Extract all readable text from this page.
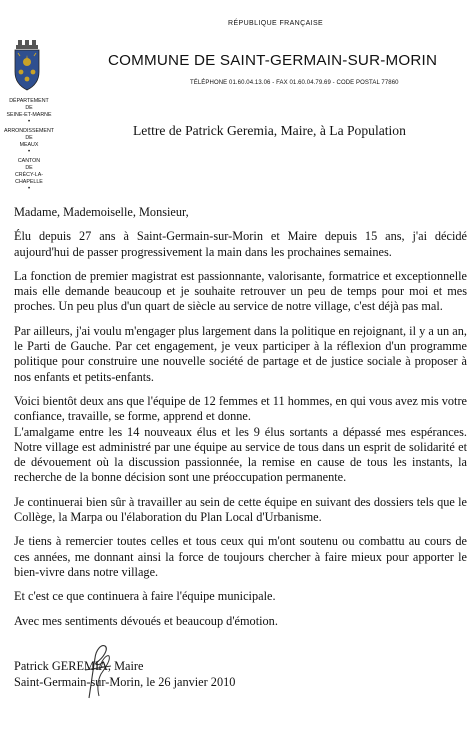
RÉPUBLIQUE FRANÇAISE
COMMUNE DE SAINT-GERMAIN-SUR-MORIN
TÉLÉPHONE 01.60.04.13.06 - FAX 01.60.04.79.69 - CODE POSTAL 77860
DÉPARTEMENT
DE
SEINE-ET-MARNE
•
ARRONDISSEMENT
DE
MEAUX
•
CANTON
DE
CRÉCY-LA-CHAPELLE
•
Lettre de Patrick Geremia, Maire, à La Population

Madame, Mademoiselle, Monsieur,

Élu depuis 27 ans à Saint-Germain-sur-Morin et Maire depuis 15 ans, j'ai décidé aujourd'hui de passer progressivement la main dans les prochaines semaines.

La fonction de premier magistrat est passionnante, valorisante, formatrice et exceptionnelle mais elle demande beaucoup et je souhaite retrouver un peu de temps pour moi et mes proches. Un peu plus d'un quart de siècle au service de notre village, c'est déjà pas mal.

Par ailleurs, j'ai voulu m'engager plus largement dans la politique en rejoignant, il y a un an, le Parti de Gauche. Par cet engagement, je veux participer à la réflexion d'un programme politique pour construire une nouvelle société de partage et de justice sociale à proposer à nos enfants et petits-enfants.

Voici bientôt deux ans que l'équipe de 12 femmes et 11 hommes, en qui vous avez mis votre confiance, travaille, se forme, apprend et donne.

L'amalgame entre les 14 nouveaux élus et les 9 élus sortants a dépassé mes espérances. Notre village est administré par une équipe au service de tous dans un esprit de solidarité et de dévouement où la discussion passionnée, la remise en cause de tous les instants, la recherche de la bonne décision sont une préoccupation permanente.

Je continuerai bien sûr à travailler au sein de cette équipe en suivant des dossiers tels que le Collège, la Marpa ou l'élaboration du Plan Local d'Urbanisme.

Je tiens à remercier toutes celles et tous ceux qui m'ont soutenu ou combattu au cours de ces années, me donnant ainsi la force de toujours chercher à faire mieux pour apporter le bien-vivre dans notre village.

Et c'est ce que continuera à faire l'équipe municipale.

Avec mes sentiments dévoués et beaucoup d'émotion.

Patrick GEREMIA, Maire
Saint-Germain-sur-Morin, le 26 janvier 2010
